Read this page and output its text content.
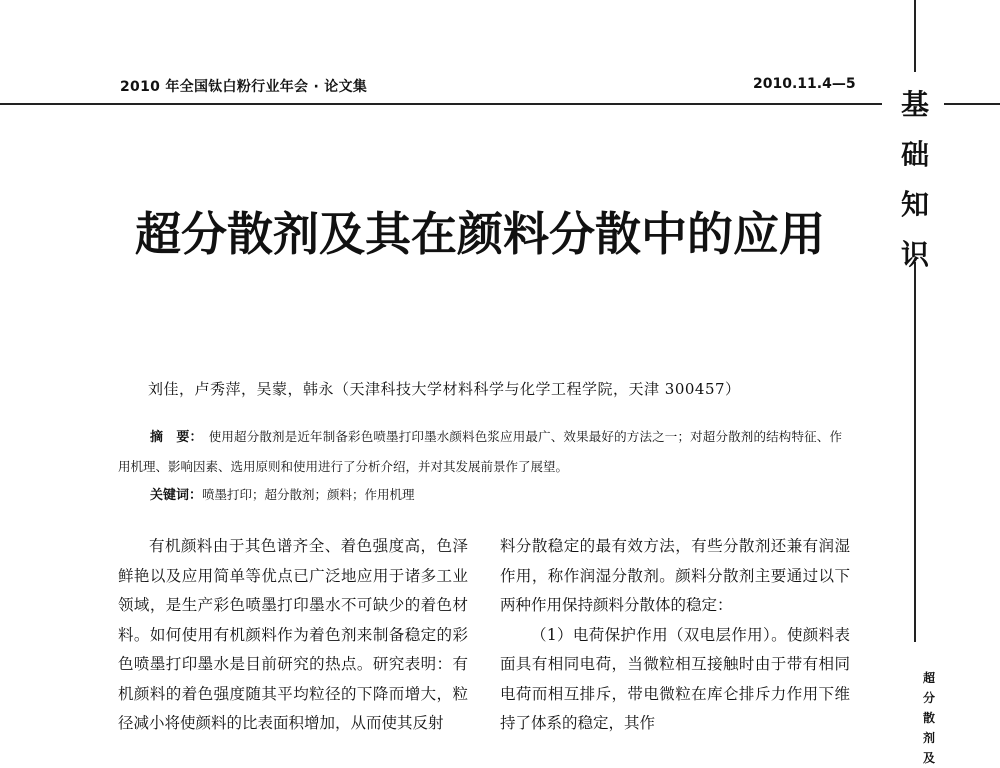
2010 年全国钛白粉行业年会 · 论文集	2010.11.4—5
基础知识
超分散剂及其在颜料分散中的应用
刘佳，卢秀萍，吴蒙，韩永（天津科技大学材料科学与化学工程学院，天津 300457）
摘　要： 使用超分散剂是近年制备彩色喷墨打印墨水颜料色浆应用最广、效果最好的方法之一；对超分散剂的结构特征、作用机理、影响因素、选用原则和使用进行了分析介绍，并对其发展前景作了展望。
关键词：喷墨打印；超分散剂；颜料；作用机理

有机颜料由于其色谱齐全、着色强度高，色泽鲜艳以及应用简单等优点已广泛地应用于诸多工业领域，是生产彩色喷墨打印墨水不可缺少的着色材料。如何使用有机颜料作为着色剂来制备稳定的彩色喷墨打印墨水是目前研究的热点。研究表明：有机颜料的着色强度随其平均粒径的下降而增大，粒径减小将使颜料的比表面积增加，从而使其反射

料分散稳定的最有效方法，有些分散剂还兼有润湿作用，称作润湿分散剂。颜料分散剂主要通过以下两种作用保持颜料分散体的稳定：

（1）电荷保护作用（双电层作用）。使颜料表面具有相同电荷，当微粒相互接触时由于带有相同电荷而相互排斥，带电微粒在库仑排斥力作用下维持了体系的稳定，其作

超分散剂及
